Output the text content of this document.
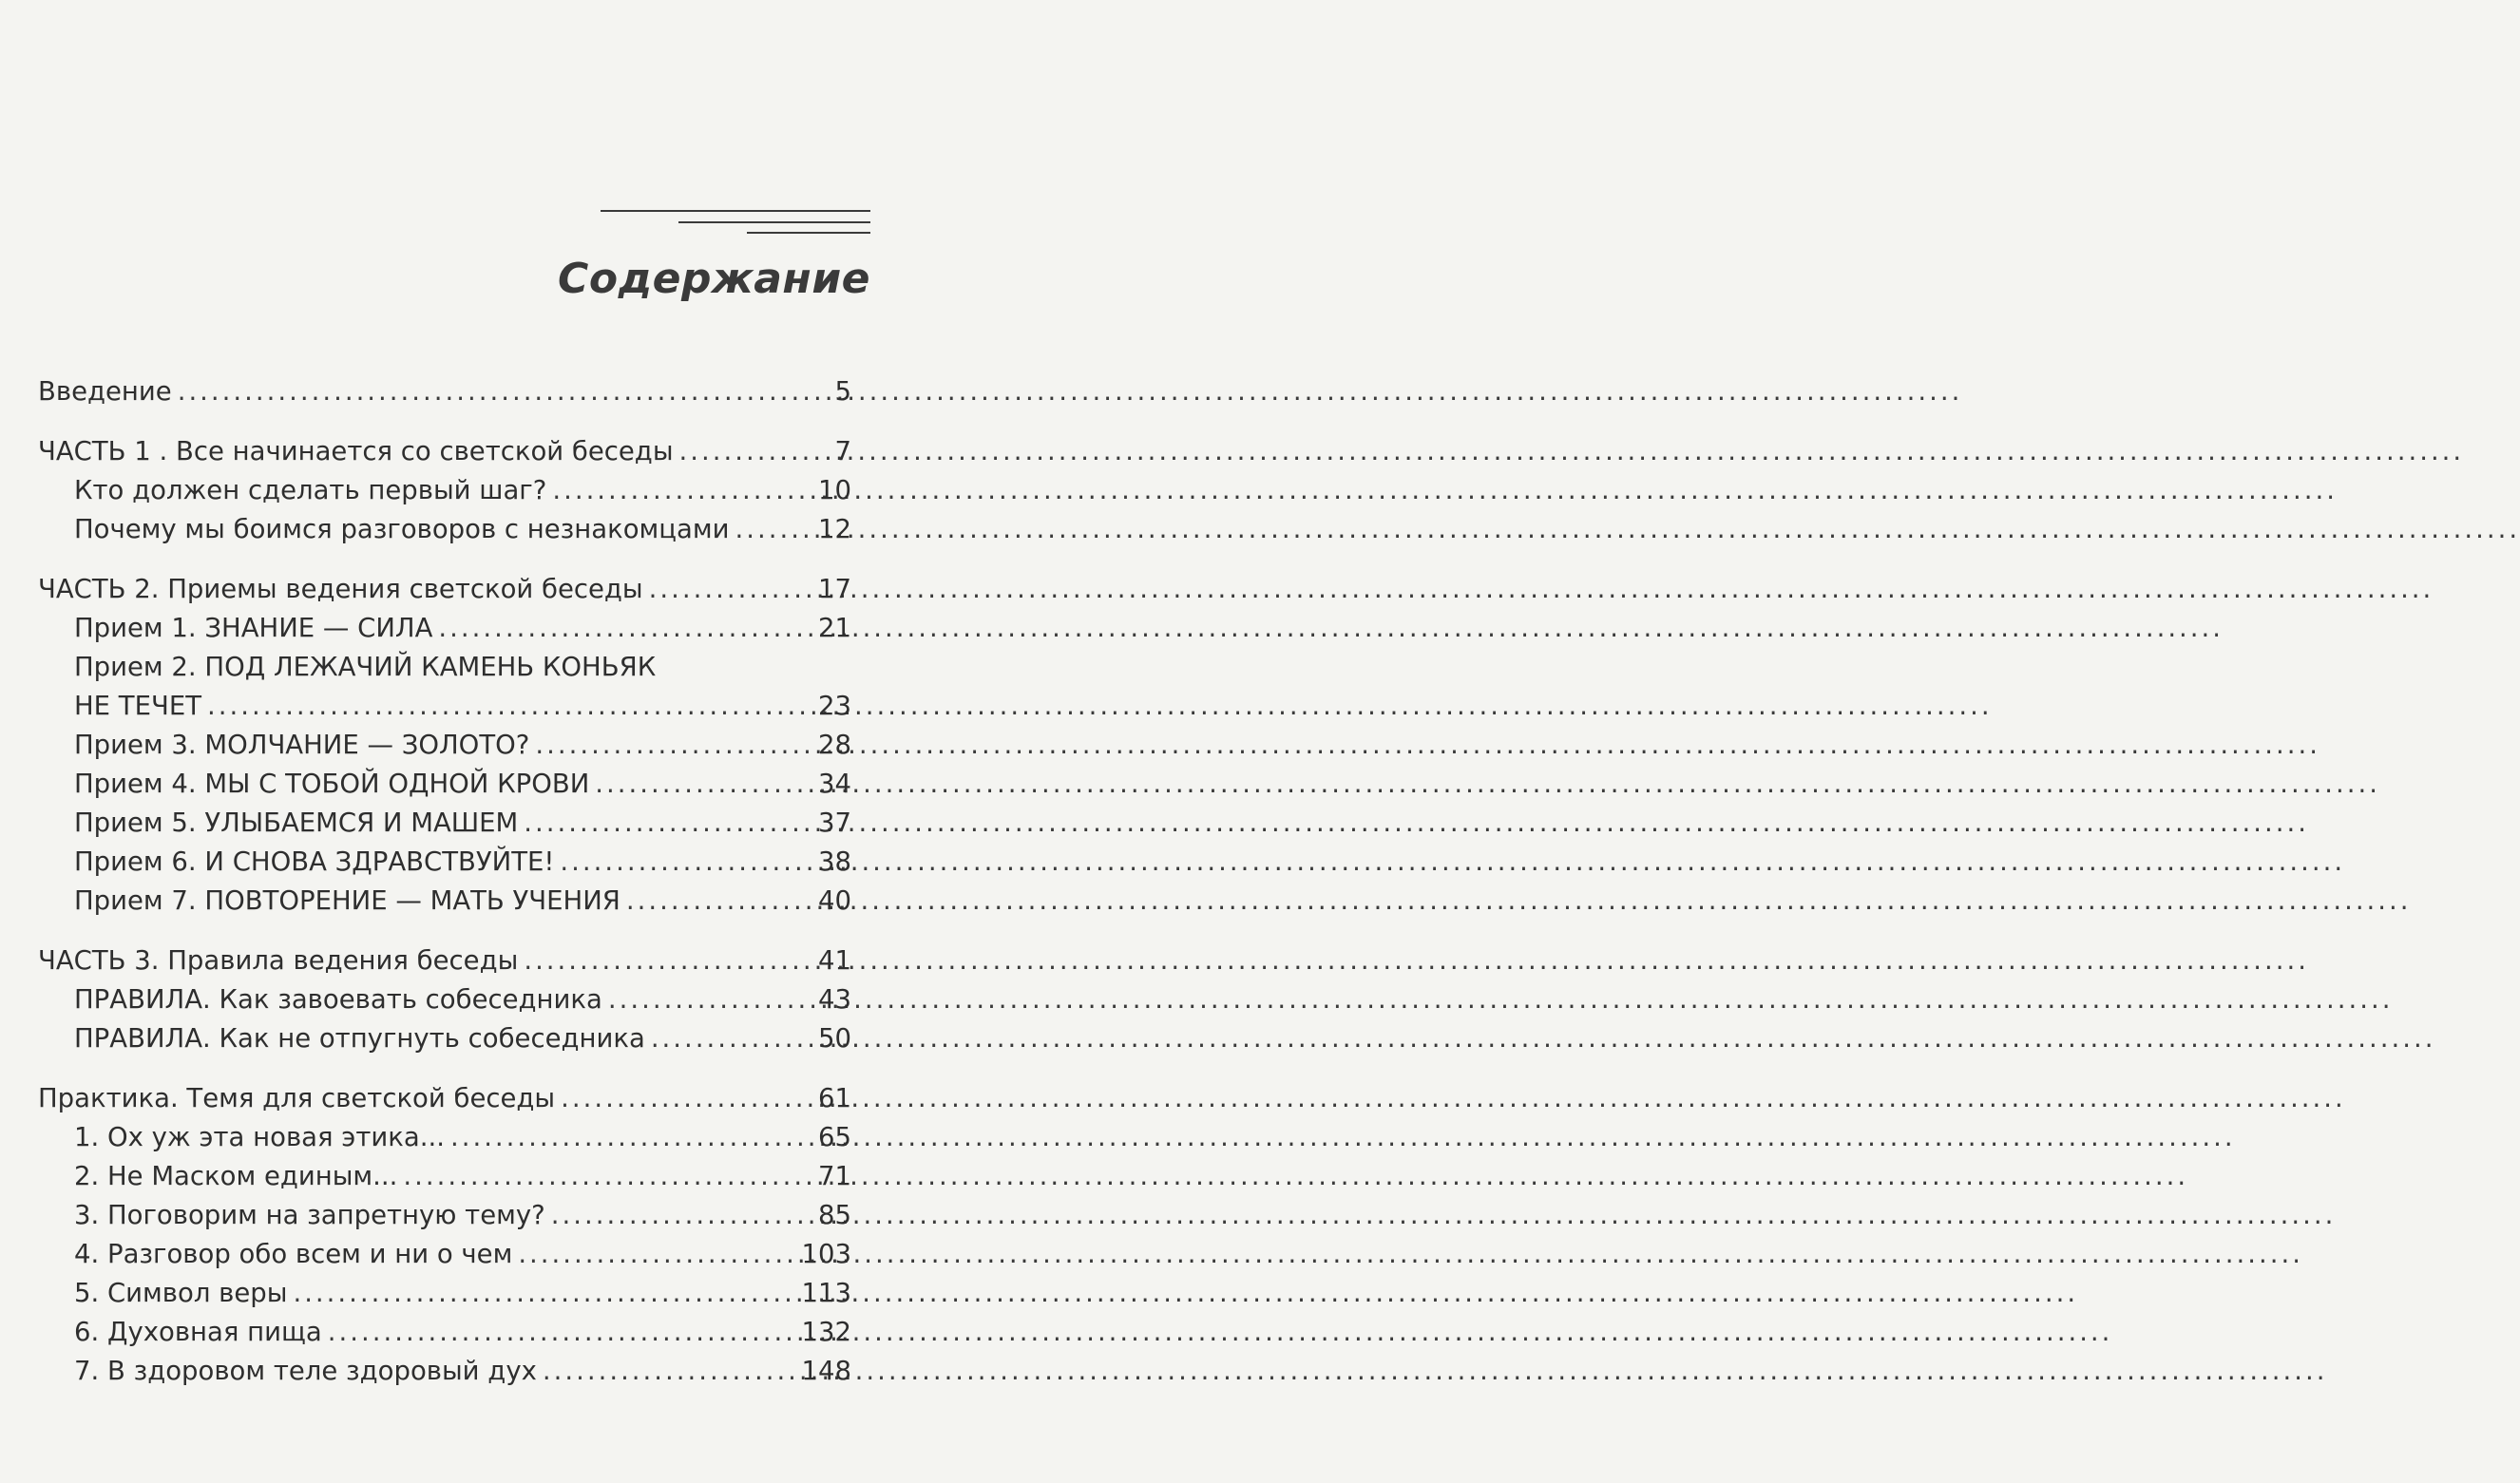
Содержание
Введение .....	5
ЧАСТЬ 1 . Все начинается со светской беседы .....	7
Кто должен сделать первый шаг? .....	10
Почему мы боимся разговоров с незнакомцами .....	12
ЧАСТЬ 2. Приемы ведения светской беседы .....	17
Прием 1. ЗНАНИЕ — СИЛА .....	21
Прием 2. ПОД ЛЕЖАЧИЙ КАМЕНЬ КОНЬЯК
НЕ ТЕЧЕТ .....	23
Прием 3. МОЛЧАНИЕ — ЗОЛОТО? .....	28
Прием 4. МЫ С ТОБОЙ ОДНОЙ КРОВИ .....	34
Прием 5. УЛЫБАЕМСЯ И МАШЕМ .....	37
Прием 6. И СНОВА ЗДРАВСТВУЙТЕ! .....	38
Прием 7. ПОВТОРЕНИЕ — МАТЬ УЧЕНИЯ .....	40
ЧАСТЬ 3. Правила ведения беседы .....	41
ПРАВИЛА. Как завоевать собеседника .....	43
ПРАВИЛА. Как не отпугнуть собеседника .....	50
Практика. Темя для светской беседы .....	61
1. Ох уж эта новая этика... .....	65
2. Не Маском единым... .....	71
3. Поговорим на запретную тему? .....	85
4. Разговор обо всем и ни о чем .....	103
5. Символ веры .....	113
6. Духовная пища .....	132
7. В здоровом теле здоровый дух .....	148
